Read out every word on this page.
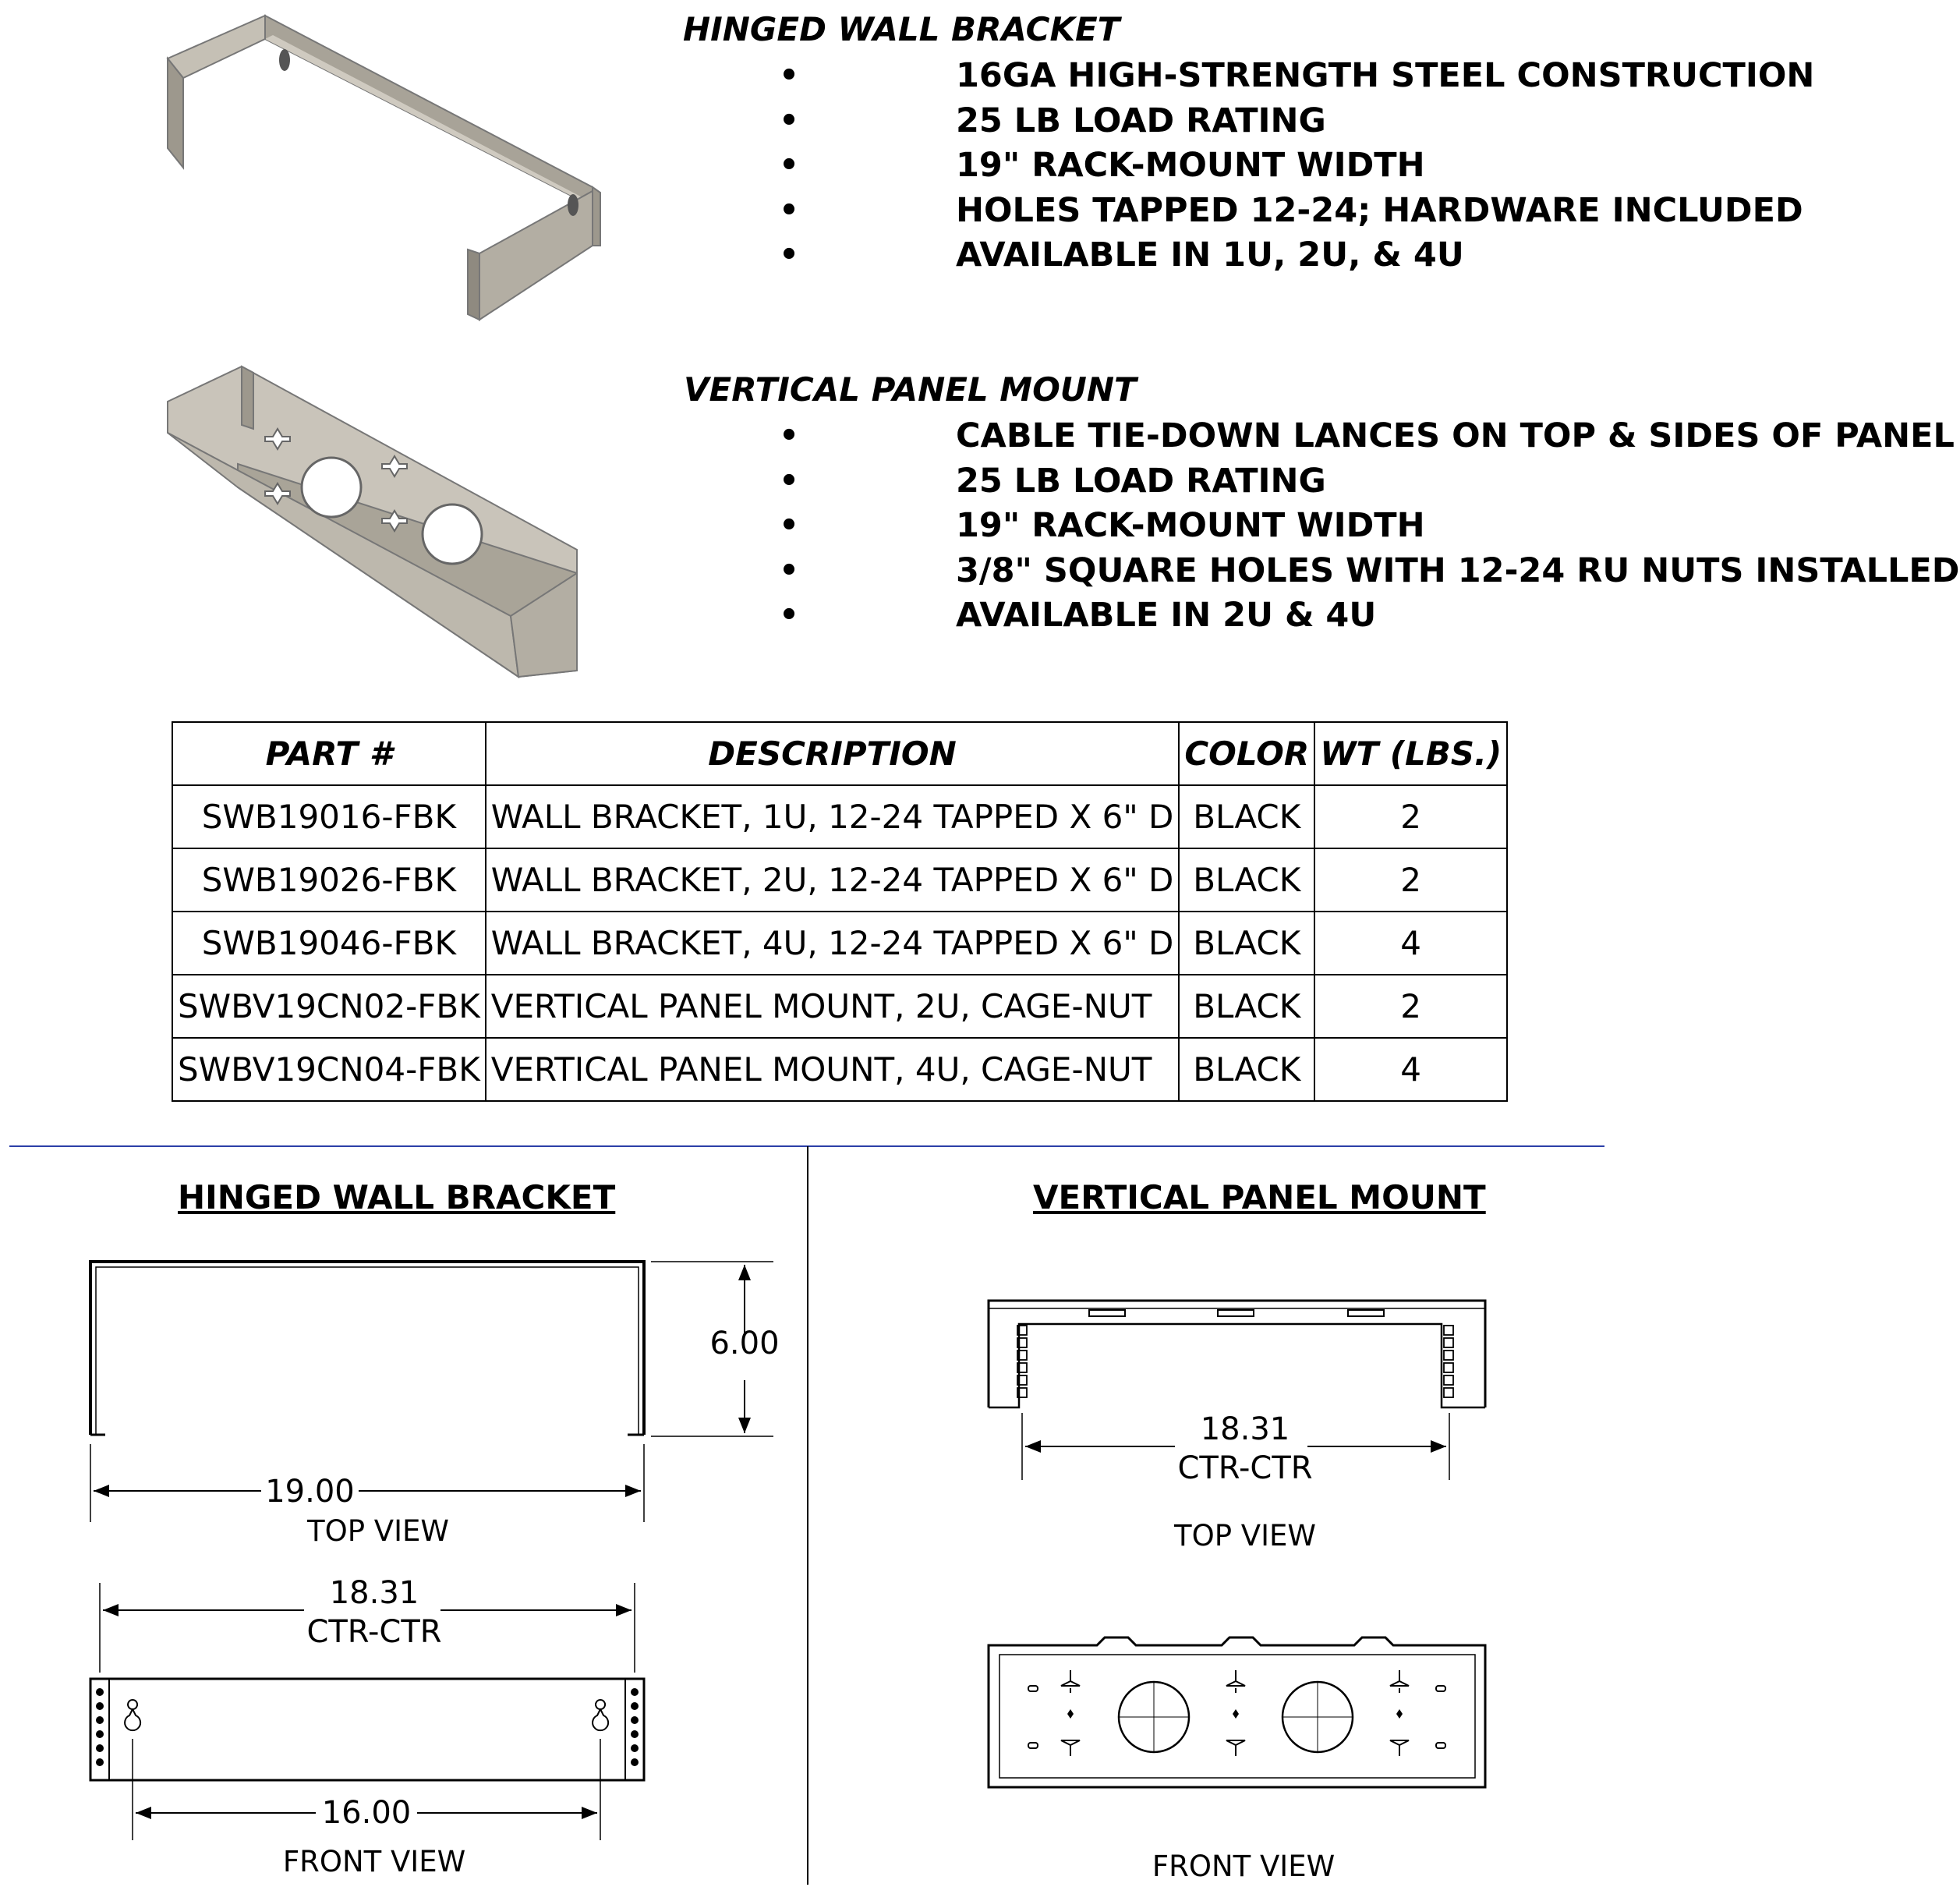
HINGED WALL BRACKET
•	16GA HIGH-STRENGTH STEEL CONSTRUCTION
•	25 LB LOAD RATING
•	19" RACK-MOUNT WIDTH
•	HOLES TAPPED 12-24; HARDWARE INCLUDED
•	AVAILABLE IN 1U, 2U, & 4U
VERTICAL PANEL MOUNT
•	CABLE TIE-DOWN LANCES ON TOP & SIDES OF PANEL
•	25 LB LOAD RATING
•	19" RACK-MOUNT WIDTH
•	3/8" SQUARE HOLES WITH 12-24 RU NUTS INSTALLED
•	AVAILABLE IN 2U & 4U
PART #	DESCRIPTION	COLOR	WT (LBS.)
SWB19016-FBK	WALL BRACKET, 1U, 12-24 TAPPED X 6" D	BLACK	2
SWB19026-FBK	WALL BRACKET, 2U, 12-24 TAPPED X 6" D	BLACK	2
SWB19046-FBK	WALL BRACKET, 4U, 12-24 TAPPED X 6" D	BLACK	4
SWBV19CN02-FBK	VERTICAL PANEL MOUNT, 2U, CAGE-NUT	BLACK	2
SWBV19CN04-FBK	VERTICAL PANEL MOUNT, 4U, CAGE-NUT	BLACK	4
HINGED WALL BRACKET
6.00
19.00
TOP VIEW
18.31
CTR-CTR
16.00
FRONT VIEW
VERTICAL PANEL MOUNT
18.31
CTR-CTR
TOP VIEW
FRONT VIEW
